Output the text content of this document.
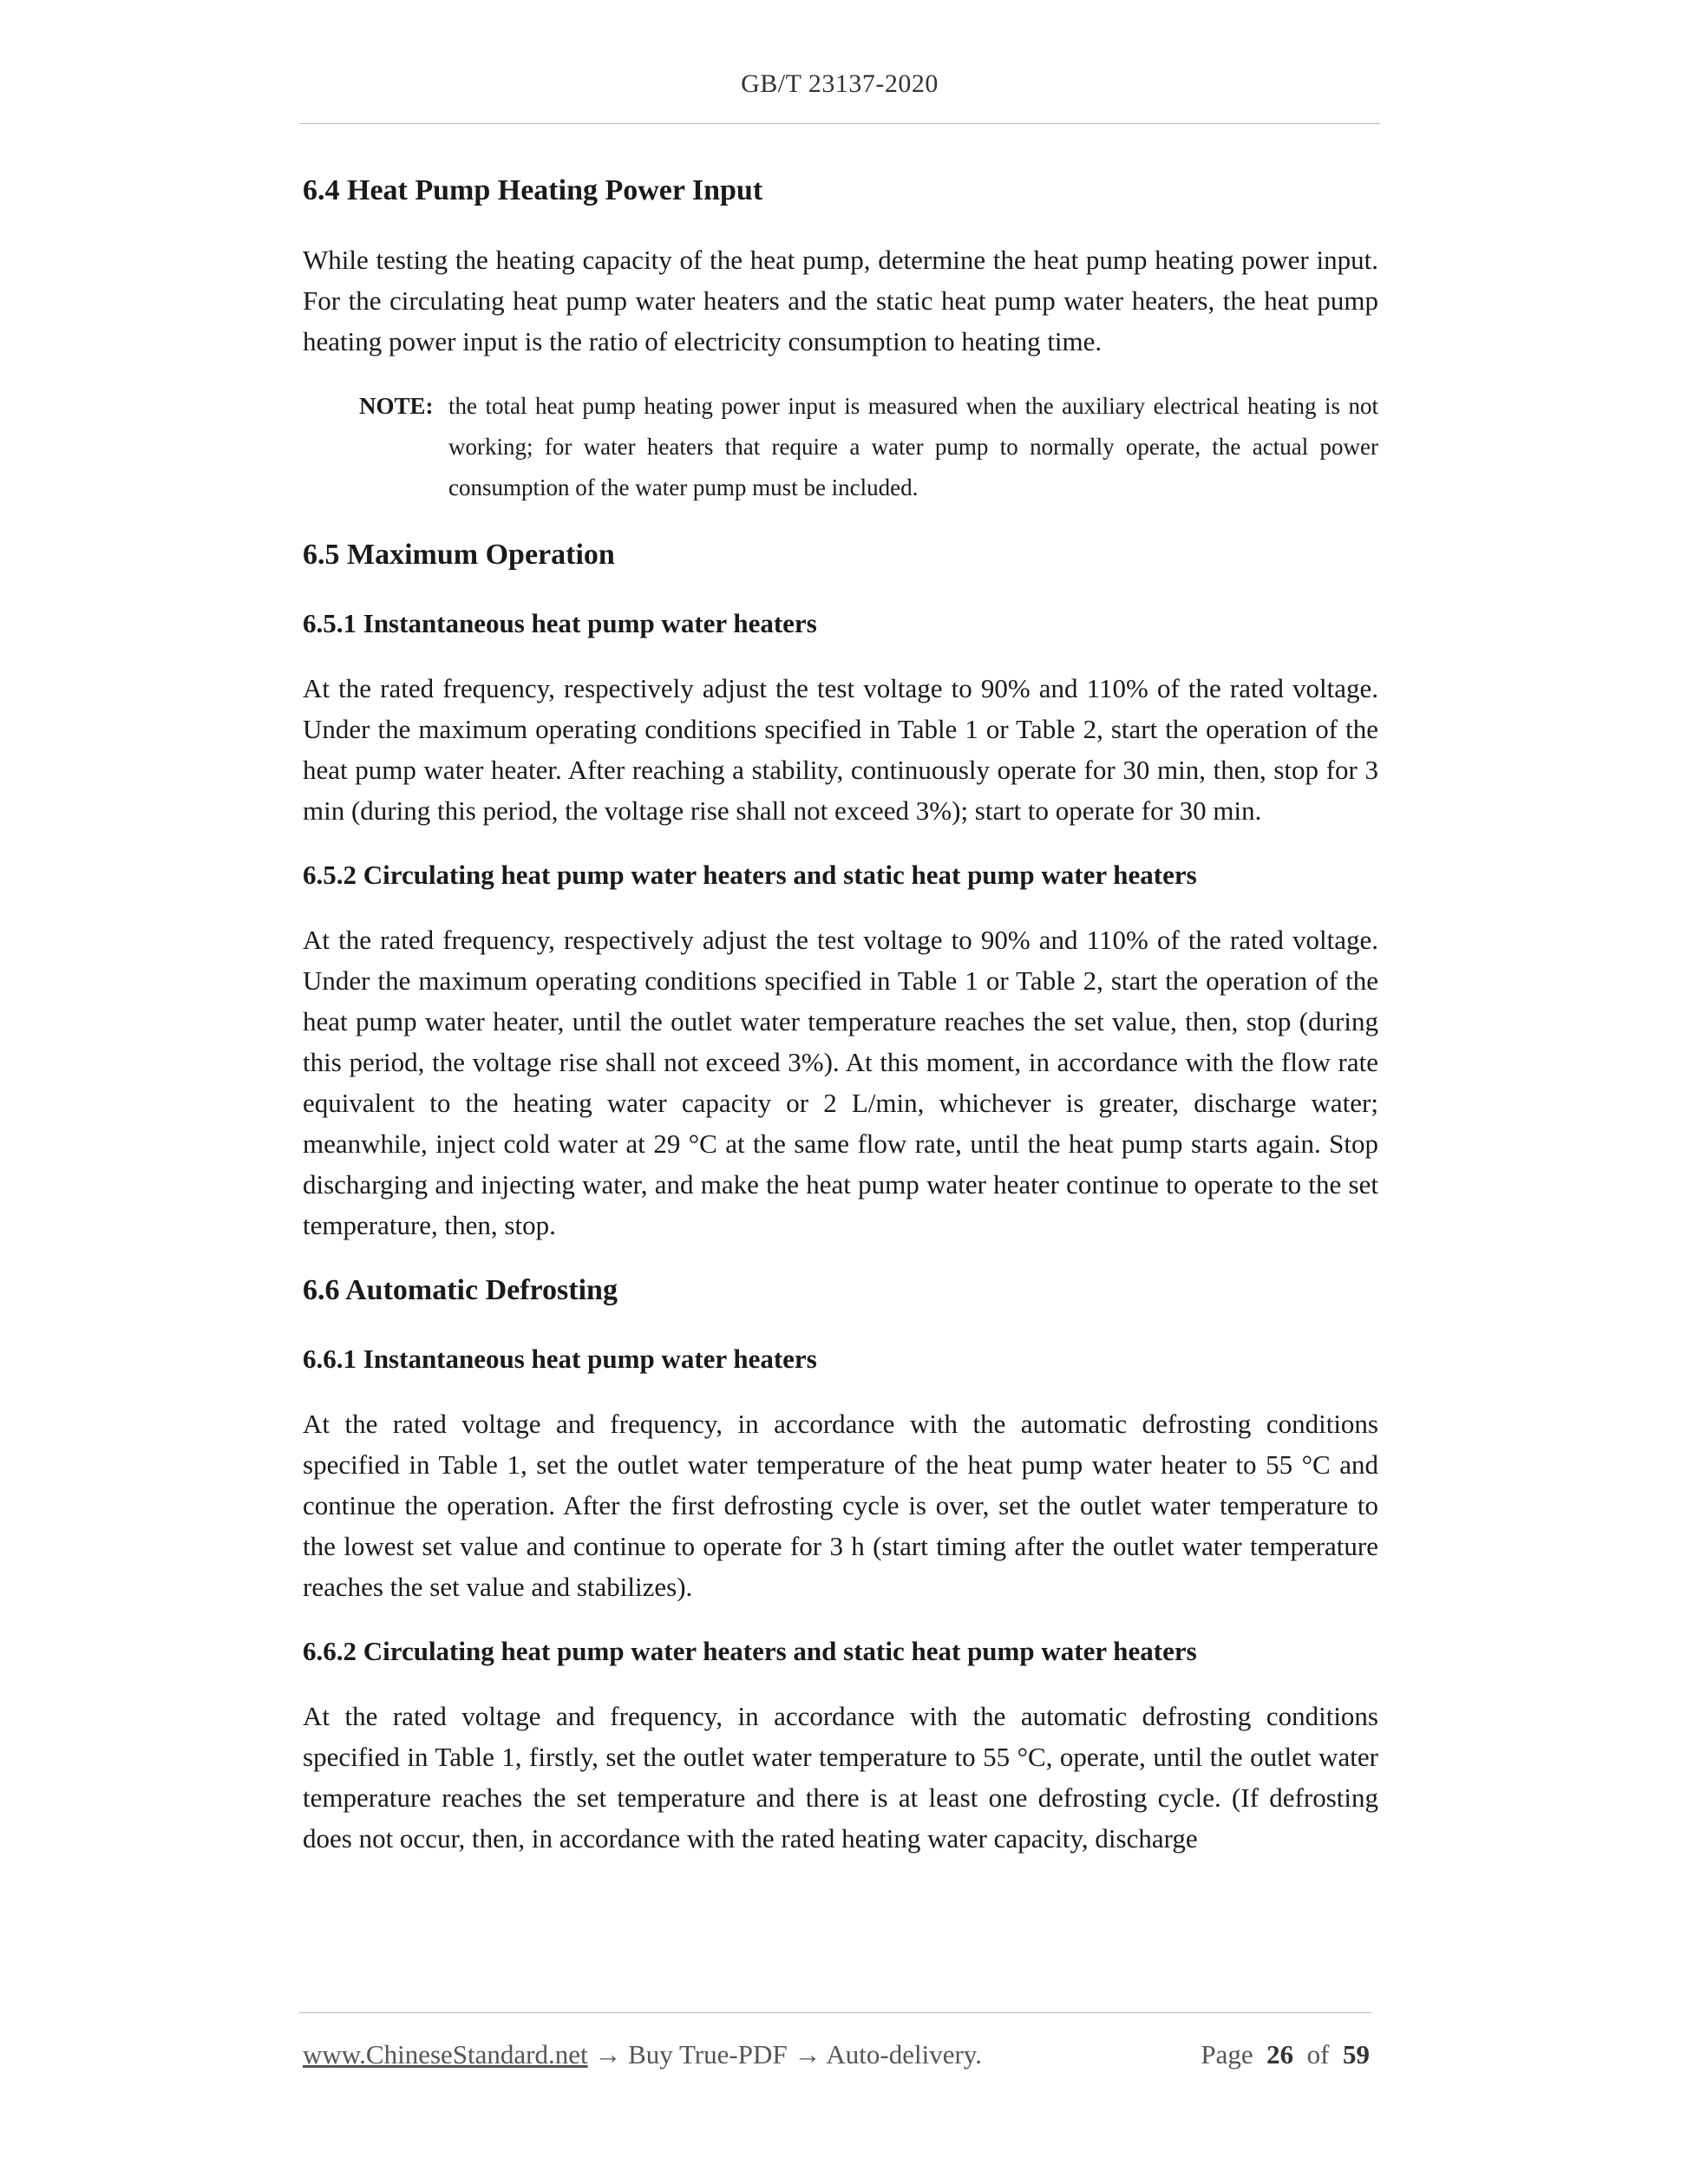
GB/T 23137-2020
6.4 Heat Pump Heating Power Input

While testing the heating capacity of the heat pump, determine the heat pump heating power input. For the circulating heat pump water heaters and the static heat pump water heaters, the heat pump heating power input is the ratio of electricity consumption to heating time.

NOTE: the total heat pump heating power input is measured when the auxiliary electrical heating is not working; for water heaters that require a water pump to normally operate, the actual power consumption of the water pump must be included.
6.5 Maximum Operation
6.5.1 Instantaneous heat pump water heaters

At the rated frequency, respectively adjust the test voltage to 90% and 110% of the rated voltage. Under the maximum operating conditions specified in Table 1 or Table 2, start the operation of the heat pump water heater. After reaching a stability, continuously operate for 30 min, then, stop for 3 min (during this period, the voltage rise shall not exceed 3%); start to operate for 30 min.

6.5.2 Circulating heat pump water heaters and static heat pump water heaters

At the rated frequency, respectively adjust the test voltage to 90% and 110% of the rated voltage. Under the maximum operating conditions specified in Table 1 or Table 2, start the operation of the heat pump water heater, until the outlet water temperature reaches the set value, then, stop (during this period, the voltage rise shall not exceed 3%). At this moment, in accordance with the flow rate equivalent to the heating water capacity or 2 L/min, whichever is greater, discharge water; meanwhile, inject cold water at 29 °C at the same flow rate, until the heat pump starts again. Stop discharging and injecting water, and make the heat pump water heater continue to operate to the set temperature, then, stop.

6.6 Automatic Defrosting
6.6.1 Instantaneous heat pump water heaters

At the rated voltage and frequency, in accordance with the automatic defrosting conditions specified in Table 1, set the outlet water temperature of the heat pump water heater to 55 °C and continue the operation. After the first defrosting cycle is over, set the outlet water temperature to the lowest set value and continue to operate for 3 h (start timing after the outlet water temperature reaches the set value and stabilizes).

6.6.2 Circulating heat pump water heaters and static heat pump water heaters

At the rated voltage and frequency, in accordance with the automatic defrosting conditions specified in Table 1, firstly, set the outlet water temperature to 55 °C, operate, until the outlet water temperature reaches the set temperature and there is at least one defrosting cycle. (If defrosting does not occur, then, in accordance with the rated heating water capacity, discharge

www.ChineseStandard.net → Buy True-PDF → Auto-delivery.	Page 26 of 59
